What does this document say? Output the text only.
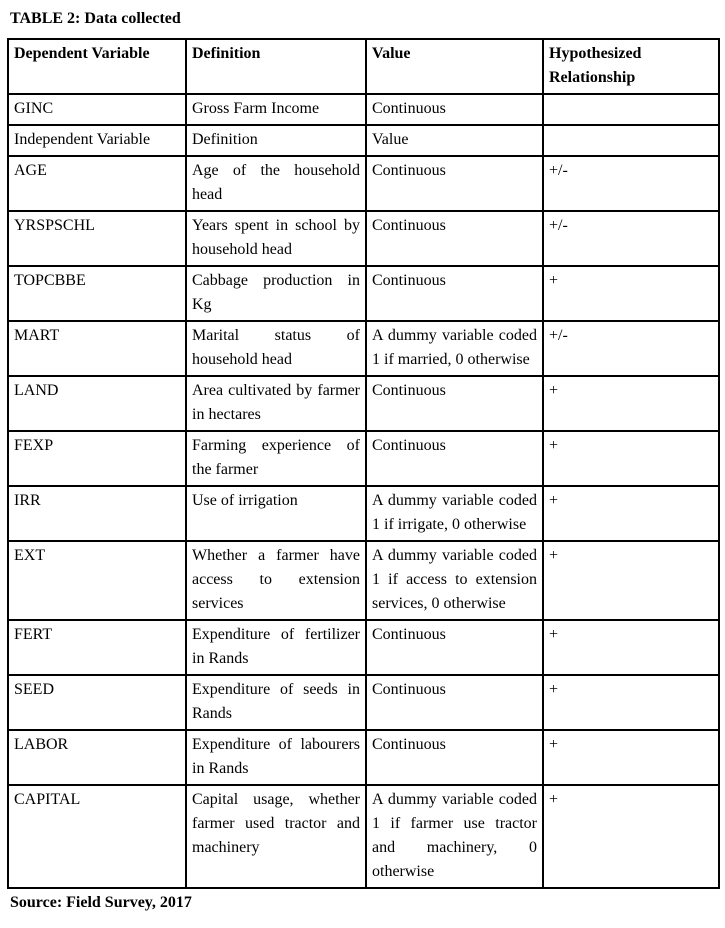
TABLE 2: Data collected
Dependent Variable	Definition	Value	Hypothesized Relationship
GINC	Gross Farm Income	Continuous	
Independent Variable	Definition	Value	
AGE	Age of the household head	Continuous	+/-
YRSPSCHL	Years spent in school by household head	Continuous	+/-
TOPCBBE	Cabbage production in Kg	Continuous	+
MART	Marital status of household head	A dummy variable coded 1 if married, 0 otherwise	+/-
LAND	Area cultivated by farmer in hectares	Continuous	+
FEXP	Farming experience of the farmer	Continuous	+
IRR	Use of irrigation	A dummy variable coded 1 if irrigate, 0 otherwise	+
EXT	Whether a farmer have access to extension services	A dummy variable coded 1 if access to extension services, 0 otherwise	+
FERT	Expenditure of fertilizer in Rands	Continuous	+
SEED	Expenditure of seeds in Rands	Continuous	+
LABOR	Expenditure of labourers in Rands	Continuous	+
CAPITAL	Capital usage, whether farmer used tractor and machinery	A dummy variable coded 1 if farmer use tractor and machinery, 0 otherwise	+
Source: Field Survey, 2017
